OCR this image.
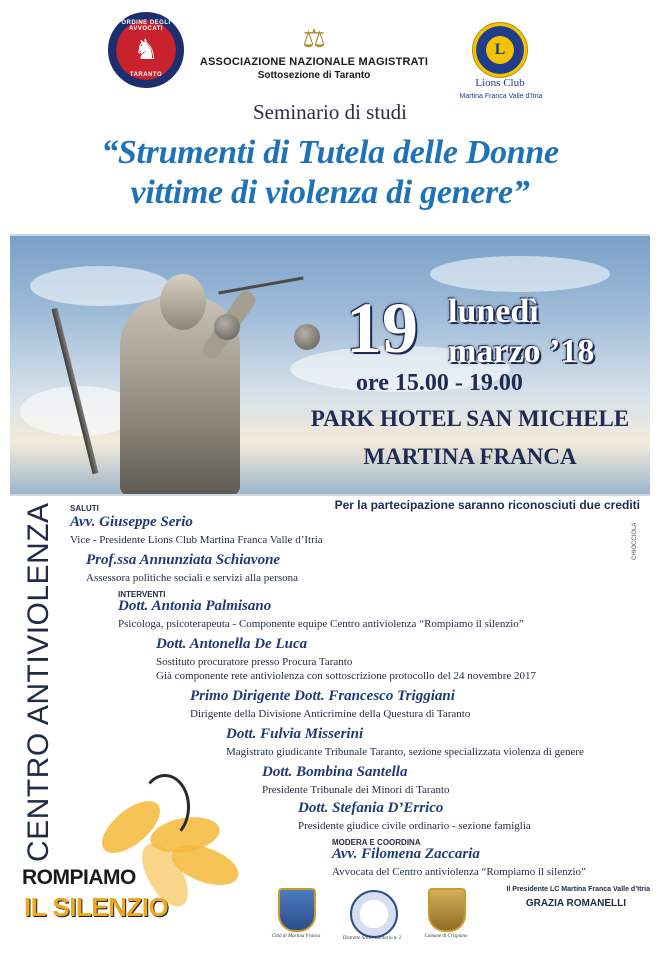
ORDINE DEGLI AVVOCATI
♞
TARANTO
⚖
ASSOCIAZIONE NAZIONALE MAGISTRATI
Sottosezione di Taranto
L
Lions Club
Martina Franca Valle d'Itria
Seminario di studi
“Strumenti di Tutela delle Donne
vittime di violenza di genere”
19 lunedì
marzo ’18
ore 15.00 - 19.00
PARK HOTEL SAN MICHELE
MARTINA FRANCA
Per la partecipazione saranno riconosciuti due crediti
CENTRO ANTIVIOLENZA SALUTI
Avv. Giuseppe Serio
Vice - Presidente Lions Club Martina Franca Valle d’Itria
Prof.ssa Annunziata Schiavone
Assessora politiche sociali e servizi alla persona
INTERVENTI
Dott. Antonia Palmisano
Psicologa, psicoterapeuta - Componente equipe Centro antiviolenza “Rompiamo il silenzio”
Dott. Antonella De Luca
Sostituto procuratore presso Procura Taranto
Già componente rete antiviolenza con sottoscrizione protocollo del 24 novembre 2017
Primo Dirigente Dott. Francesco Triggiani
Dirigente della Divisione Anticrimine della Questura di Taranto
Dott. Fulvia Misserini
Magistrato giudicante Tribunale Taranto, sezione specializzata violenza di genere
Dott. Bombina Santella
Presidente Tribunale dei Minori di Taranto
Dott. Stefania D’Errico
Presidente giudice civile ordinario - sezione famiglia
MODERA E COORDINA
Avv. Filomena Zaccaria
Avvocata del Centro antiviolenza “Rompiamo il silenzio”
CHIOCCIOLA
ROMPIAMO
IL SILENZIO
Città di Martina Franca	Distretto Socio-sanitario n. 2	Comune di Crispiano
Il Presidente LC Martina Franca Valle d’Itria
GRAZIA ROMANELLI
